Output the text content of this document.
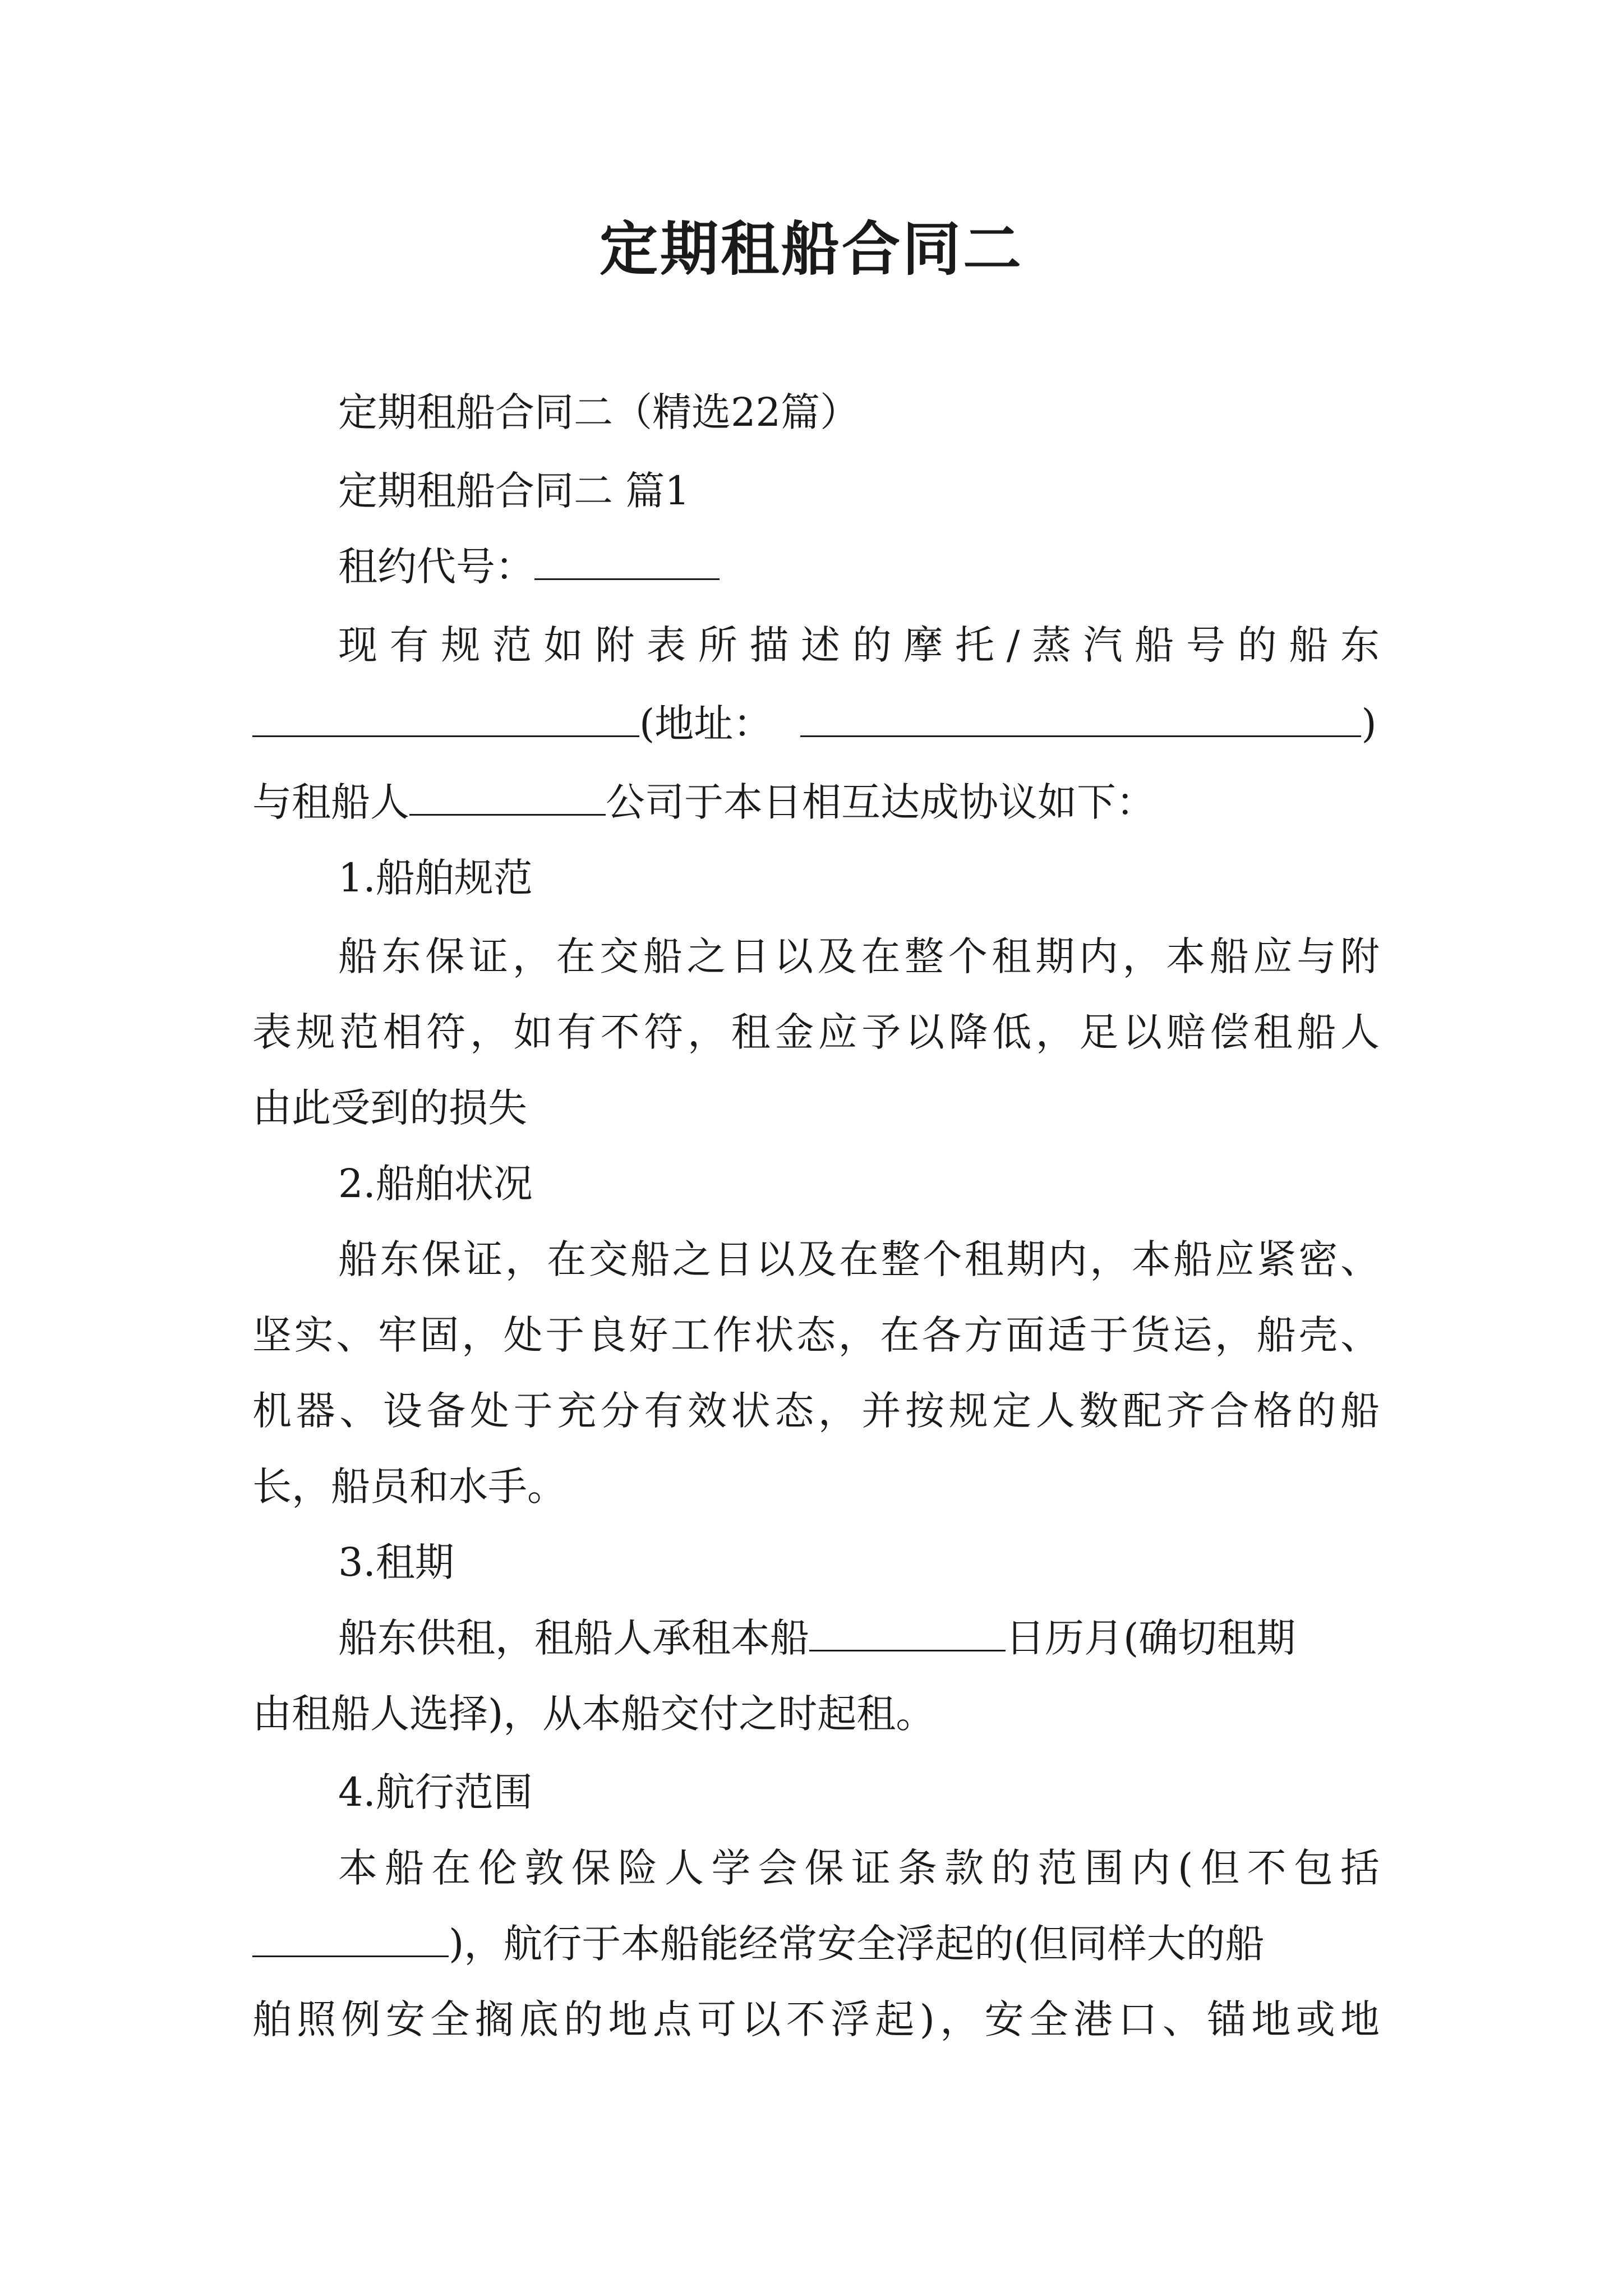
定期租船合同二

定期租船合同二（精选22篇）

定期租船合同二 篇1

租约代号：

现有规范如附表所描述的摩托/蒸汽船号的船东

(地址：	)

与租船人	公司于本日相互达成协议如下：

1.船舶规范

船东保证，在交船之日以及在整个租期内，本船应与附

表规范相符，如有不符，租金应予以降低，足以赔偿租船人

由此受到的损失

2.船舶状况

船东保证，在交船之日以及在整个租期内，本船应紧密、

坚实、牢固，处于良好工作状态，在各方面适于货运，船壳、

机器、设备处于充分有效状态，并按规定人数配齐合格的船

长，船员和水手。

3.租期

船东供租，租船人承租本船	日历月(确切租期

由租船人选择)，从本船交付之时起租。

4.航行范围

本船在伦敦保险人学会保证条款的范围内(但不包括

)，航行于本船能经常安全浮起的(但同样大的船

舶照例安全搁底的地点可以不浮起)，安全港口、锚地或地
